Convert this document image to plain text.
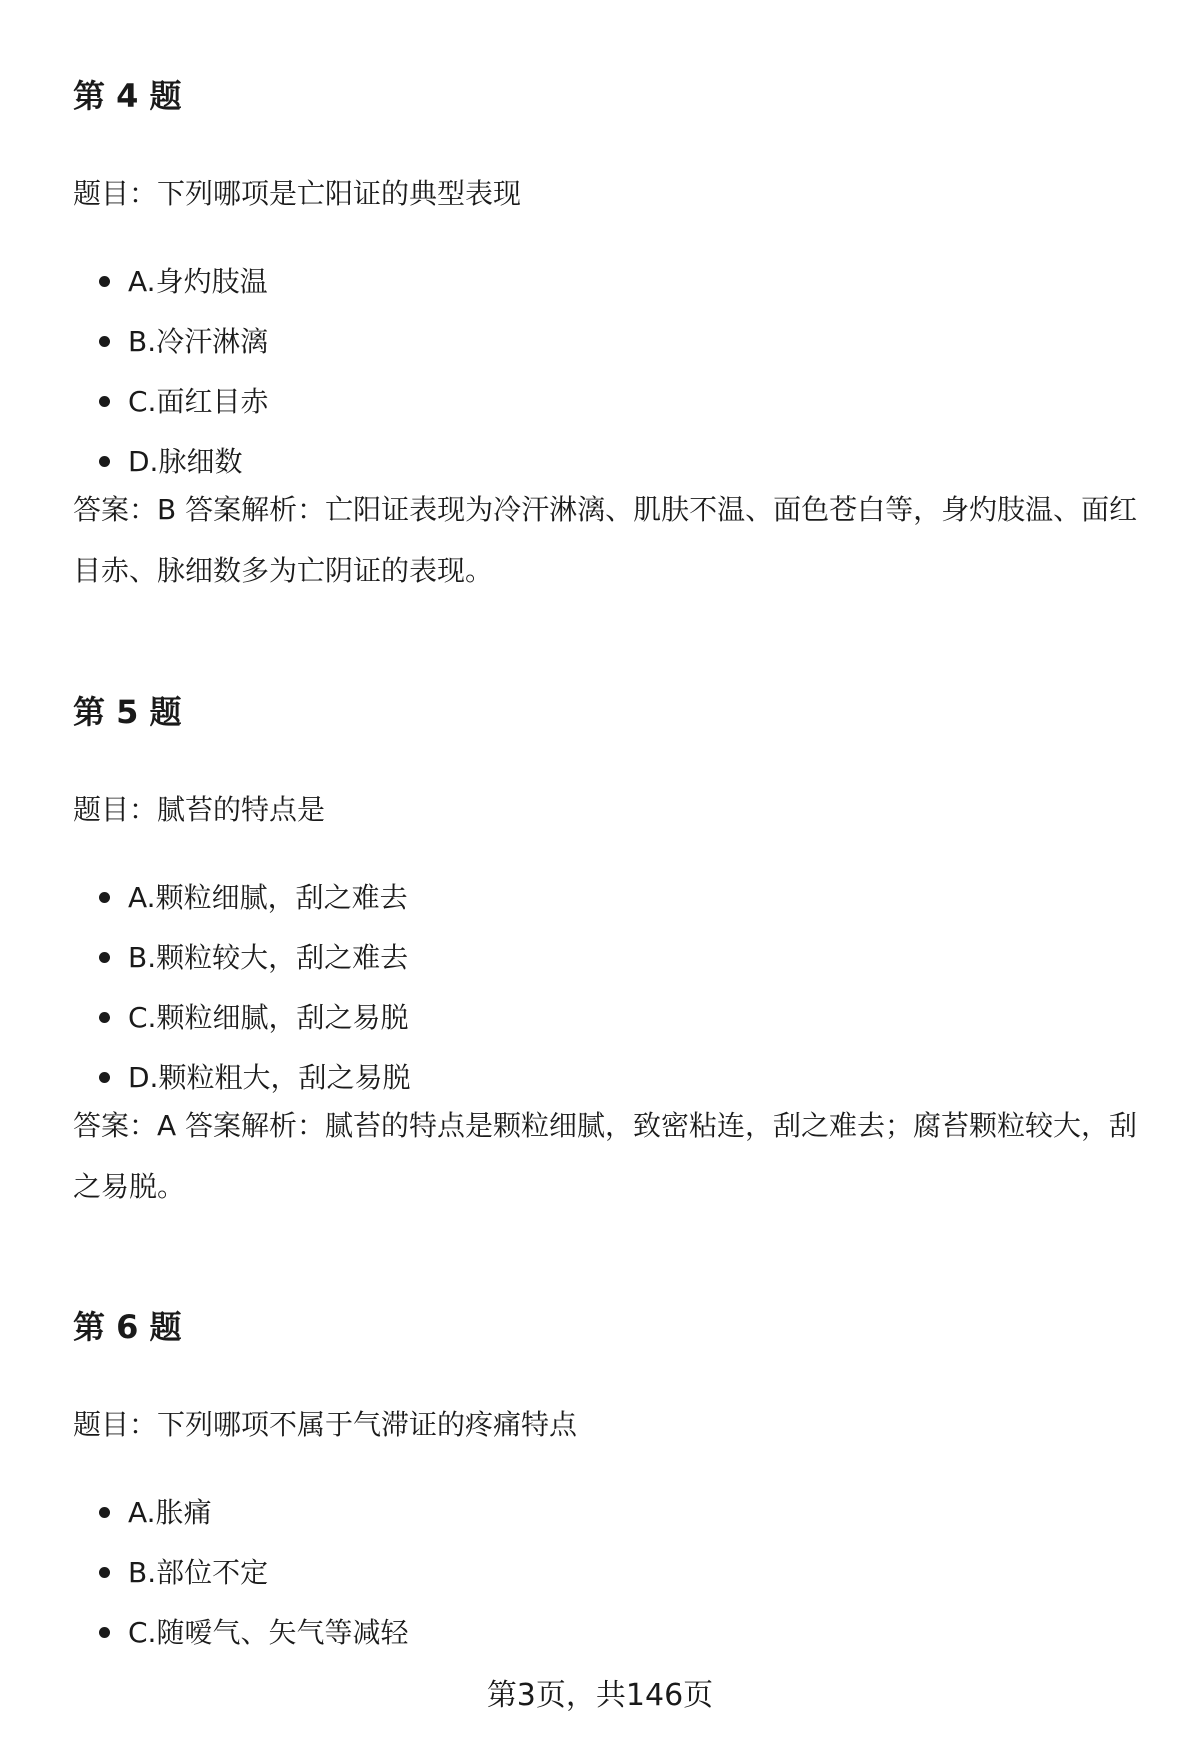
第 4 题

题目：下列哪项是亡阳证的典型表现

A.身灼肢温
B.冷汗淋漓
C.面红目赤
D.脉细数

答案：B 答案解析：亡阳证表现为冷汗淋漓、肌肤不温、面色苍白等，身灼肢温、面红目赤、脉细数多为亡阴证的表现。

第 5 题

题目：腻苔的特点是

A.颗粒细腻，刮之难去
B.颗粒较大，刮之难去
C.颗粒细腻，刮之易脱
D.颗粒粗大，刮之易脱

答案：A 答案解析：腻苔的特点是颗粒细腻，致密粘连，刮之难去；腐苔颗粒较大，刮之易脱。

第 6 题

题目：下列哪项不属于气滞证的疼痛特点

A.胀痛
B.部位不定
C.随嗳气、矢气等减轻
第3页，共146页
